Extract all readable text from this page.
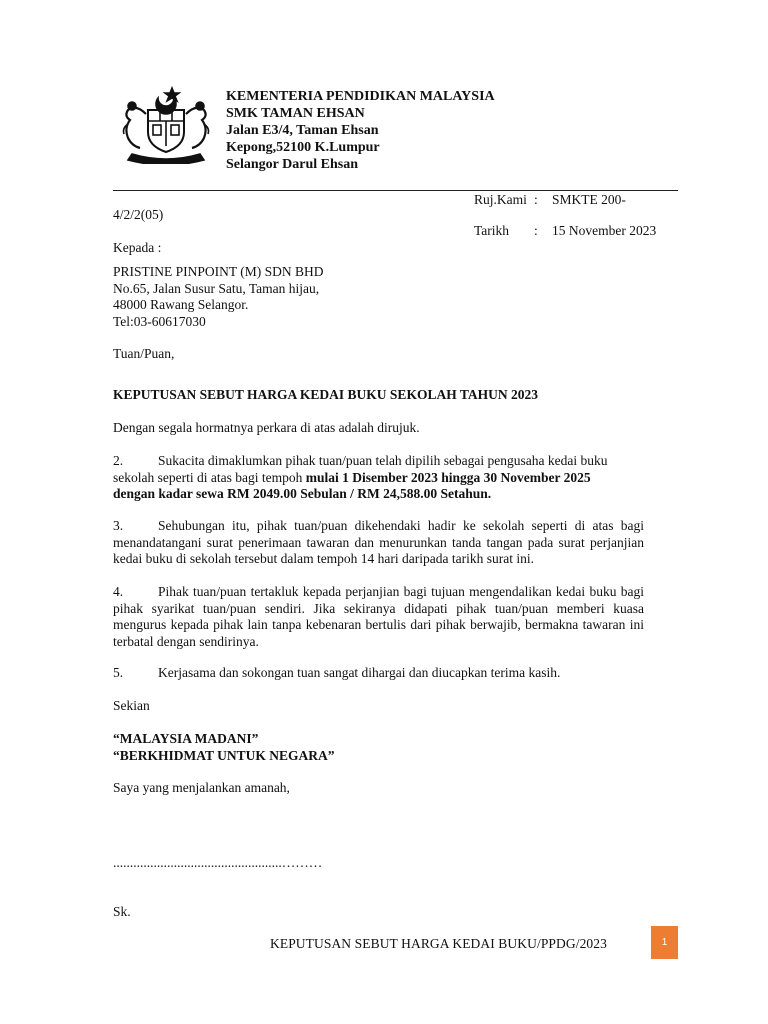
KEMENTERIA PENDIDIKAN MALAYSIA
SMK TAMAN EHSAN
Jalan E3/4, Taman Ehsan
Kepong,52100 K.Lumpur
Selangor Darul Ehsan
Ruj.Kami : SMKTE 200-
4/2/2(05)
Tarikh : 15 November 2023
Kepada :
PRISTINE PINPOINT (M) SDN BHD
No.65, Jalan Susur Satu, Taman hijau,
48000 Rawang Selangor.
Tel:03-60617030
Tuan/Puan,
KEPUTUSAN SEBUT HARGA KEDAI BUKU SEKOLAH TAHUN 2023
Dengan segala hormatnya perkara di atas adalah dirujuk.
2.	Sukacita dimaklumkan pihak tuan/puan telah dipilih sebagai pengusaha kedai buku sekolah seperti di atas bagi tempoh mulai 1 Disember 2023 hingga 30 November 2025 dengan kadar sewa RM 2049.00 Sebulan / RM 24,588.00 Setahun.
3.	Sehubungan itu, pihak tuan/puan dikehendaki hadir ke sekolah seperti di atas bagi menandatangani surat penerimaan tawaran dan menurunkan tanda tangan pada surat perjanjian kedai buku di sekolah tersebut dalam tempoh 14 hari daripada tarikh surat ini.
4.	Pihak tuan/puan tertakluk kepada perjanjian bagi tujuan mengendalikan kedai buku bagi pihak syarikat tuan/puan sendiri. Jika sekiranya didapati pihak tuan/puan memberi kuasa mengurus kepada pihak lain tanpa kebenaran bertulis dari pihak berwajib, bermakna tawaran ini terbatal dengan sendirinya.
5.	Kerjasama dan sokongan tuan sangat dihargai dan diucapkan terima kasih.
Sekian
“MALAYSIA MADANI”
“BERKHIDMAT UNTUK NEGARA”
Saya yang menjalankan amanah,
..................................................………
Sk.
KEPUTUSAN SEBUT HARGA KEDAI BUKU/PPDG/2023	1
